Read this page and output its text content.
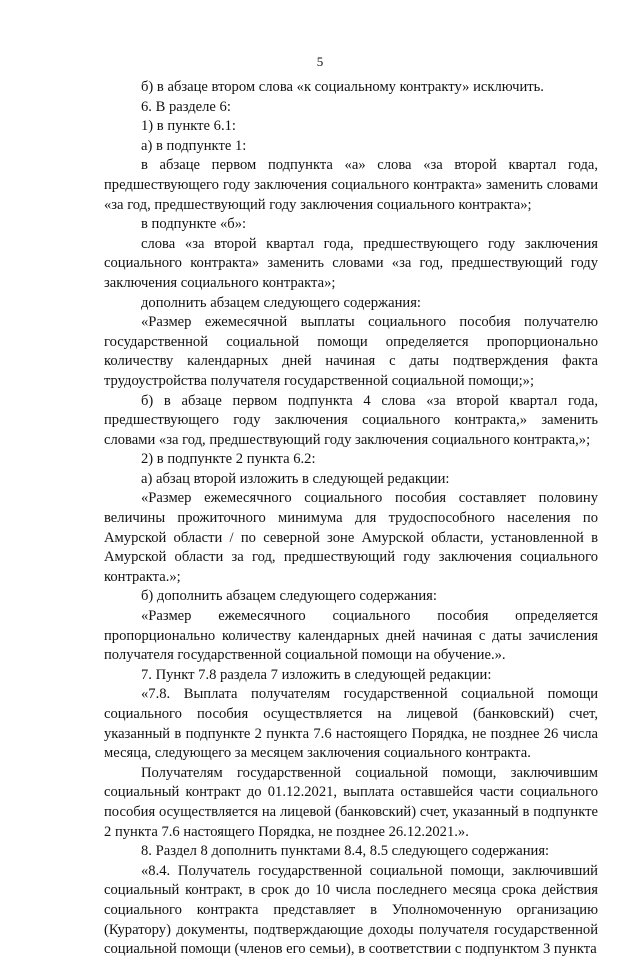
5

б) в абзаце втором слова «к социальному контракту» исключить.

6. В разделе 6:

1) в пункте 6.1:

а) в подпункте 1:

в абзаце первом подпункта «а» слова «за второй квартал года, предшествующего году заключения социального контракта» заменить словами «за год, предшествующий году заключения социального контракта»;

в подпункте «б»:

слова «за второй квартал года, предшествующего году заключения социального контракта» заменить словами «за год, предшествующий году заключения социального контракта»;

дополнить абзацем следующего содержания:

«Размер ежемесячной выплаты социального пособия получателю государственной социальной помощи определяется пропорционально количеству календарных дней начиная с даты подтверждения факта трудоустройства получателя государственной социальной помощи;»;

б) в абзаце первом подпункта 4 слова «за второй квартал года, предшествующего году заключения социального контракта,» заменить словами «за год, предшествующий году заключения социального контракта,»;

2) в подпункте 2 пункта 6.2:

а) абзац второй изложить в следующей редакции:

«Размер ежемесячного социального пособия составляет половину величины прожиточного минимума для трудоспособного населения по Амурской области / по северной зоне Амурской области, установленной в Амурской области за год, предшествующий году заключения социального контракта.»;

б) дополнить абзацем следующего содержания:

«Размер ежемесячного социального пособия определяется пропорционально количеству календарных дней начиная с даты зачисления получателя государственной социальной помощи на обучение.».

7. Пункт 7.8 раздела 7 изложить в следующей редакции:

«7.8. Выплата получателям государственной социальной помощи социального пособия осуществляется на лицевой (банковский) счет, указанный в подпункте 2 пункта 7.6 настоящего Порядка, не позднее 26 числа месяца, следующего за месяцем заключения социального контракта.

Получателям государственной социальной помощи, заключившим социальный контракт до 01.12.2021, выплата оставшейся части социального пособия осуществляется на лицевой (банковский) счет, указанный в подпункте 2 пункта 7.6 настоящего Порядка, не позднее 26.12.2021.».

8. Раздел 8 дополнить пунктами 8.4, 8.5 следующего содержания:

«8.4. Получатель государственной социальной помощи, заключивший социальный контракт, в срок до 10 числа последнего месяца срока действия социального контракта представляет в Уполномоченную организацию (Куратору) документы, подтверждающие доходы получателя государственной социальной помощи (членов его семьи), в соответствии с подпунктом 3 пункта
